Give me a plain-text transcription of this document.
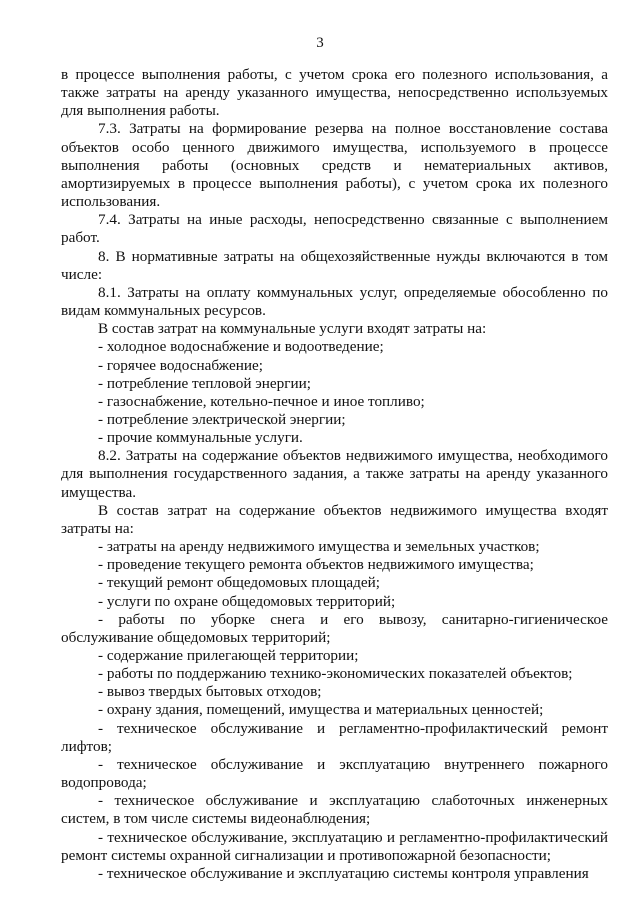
3

в процессе выполнения работы, с учетом срока его полезного использования, а также затраты на аренду указанного имущества, непосредственно используемых для выполнения работы.

7.3. Затраты на формирование резерва на полное восстановление состава объектов особо ценного движимого имущества, используемого в процессе выполнения работы (основных средств и нематериальных активов, амортизируемых в процессе выполнения работы), с учетом срока их полезного использования.

7.4. Затраты на иные расходы, непосредственно связанные с выполнением работ.

8. В нормативные затраты на общехозяйственные нужды включаются в том числе:

8.1. Затраты на оплату коммунальных услуг, определяемые обособленно по видам коммунальных ресурсов.

В состав затрат на коммунальные услуги входят затраты на:

- холодное водоснабжение и водоотведение;

- горячее водоснабжение;

- потребление тепловой энергии;

- газоснабжение, котельно-печное и иное топливо;

- потребление электрической энергии;

- прочие коммунальные услуги.

8.2. Затраты на содержание объектов недвижимого имущества, необходимого для выполнения государственного задания, а также затраты на аренду указанного имущества.

В состав затрат на содержание объектов недвижимого имущества входят затраты на:

- затраты на аренду недвижимого имущества и земельных участков;

- проведение текущего ремонта объектов недвижимого имущества;

- текущий ремонт общедомовых площадей;

- услуги по охране общедомовых территорий;

- работы по уборке снега и его вывозу, санитарно-гигиеническое обслуживание общедомовых территорий;

- содержание прилегающей территории;

- работы по поддержанию технико-экономических показателей объектов;

- вывоз твердых бытовых отходов;

- охрану здания, помещений, имущества и материальных ценностей;

- техническое обслуживание и регламентно-профилактический ремонт лифтов;

- техническое обслуживание и эксплуатацию внутреннего пожарного водопровода;

- техническое обслуживание и эксплуатацию слаботочных инженерных систем, в том числе системы видеонаблюдения;

- техническое обслуживание, эксплуатацию и регламентно-профилактический ремонт системы охранной сигнализации и противопожарной безопасности;

- техническое обслуживание и эксплуатацию системы контроля управления
